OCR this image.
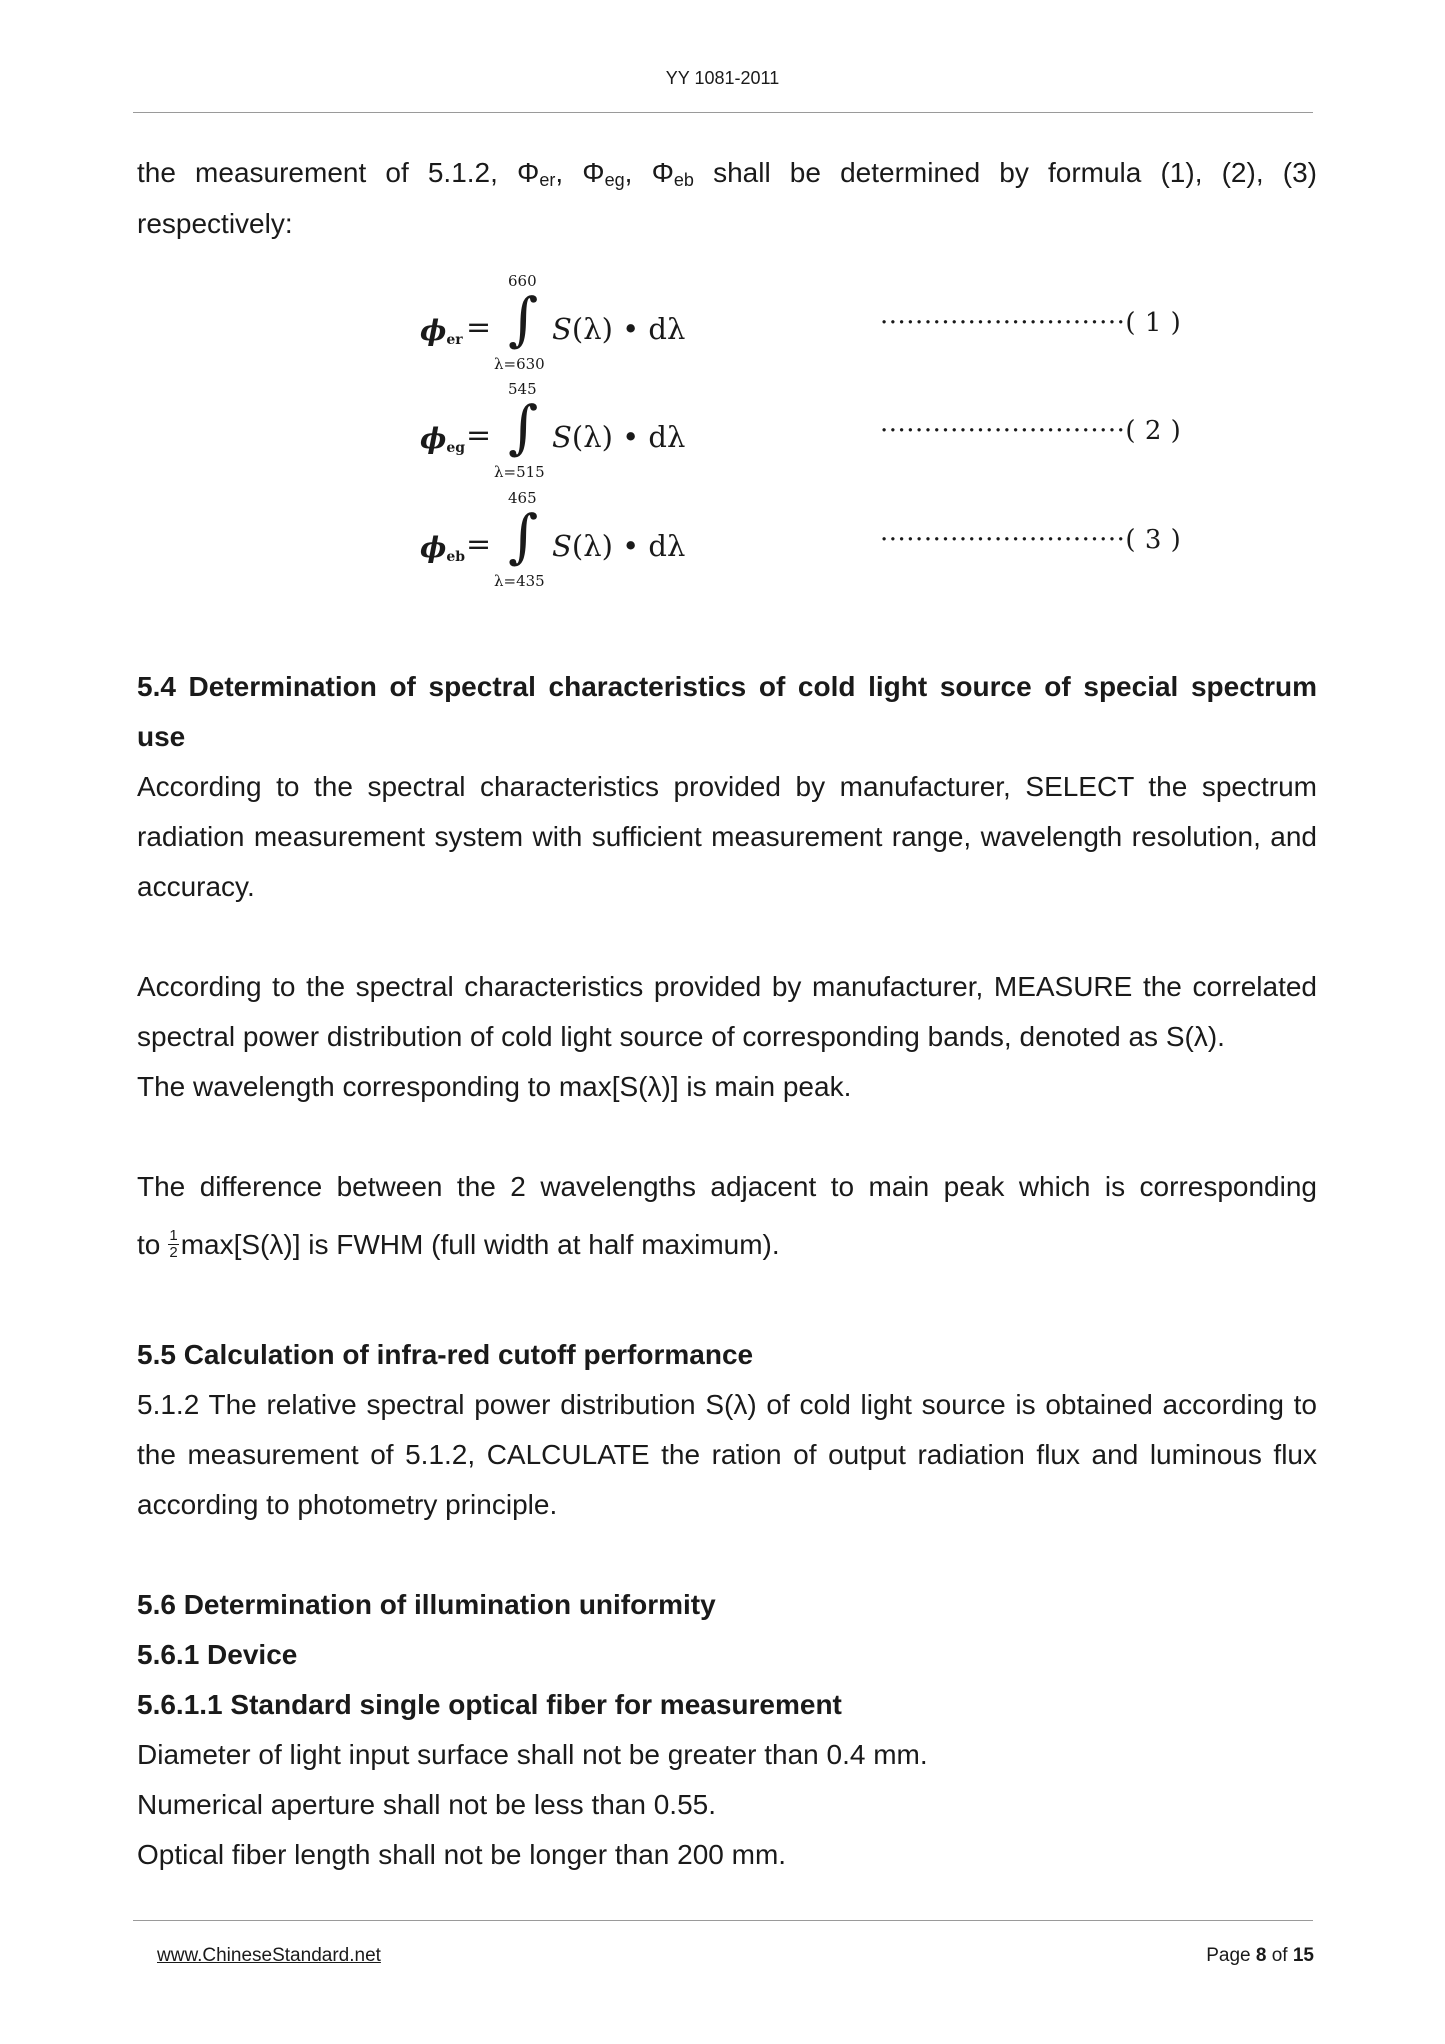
YY 1081-2011
the measurement of 5.1.2, $\Phi_{er}$, $\Phi_{eg}$, $\Phi_{eb}$ shall be determined by formula (1), (2), (3)
respectively:
$\phi_{er}$ =
660
∫
λ=630
S(λ) • dλ	····························( 1 )
$\phi_{eg}$ =
545
∫
λ=515
S(λ) • dλ	····························( 2 )
$\phi_{eb}$ =
465
∫
λ=435
S(λ) • dλ	····························( 3 )
5.4 Determination of spectral characteristics of cold light source of special spectrum
use
According to the spectral characteristics provided by manufacturer, SELECT the spectrum radiation measurement system with sufficient measurement range, wavelength resolution, and accuracy.
According to the spectral characteristics provided by manufacturer, MEASURE the correlated
spectral power distribution of cold light source of corresponding bands, denoted as S(λ).
The wavelength corresponding to max[S(λ)] is main peak.
The difference between the 2 wavelengths adjacent to main peak which is corresponding
to $\frac{1}{2} \max[S(\lambda)]$ is FWHM (full width at half maximum).
5.5 Calculation of infra-red cutoff performance
5.1.2 The relative spectral power distribution S(λ) of cold light source is obtained according to the measurement of 5.1.2, CALCULATE the ration of output radiation flux and luminous flux according to photometry principle.
5.6 Determination of illumination uniformity
5.6.1 Device
5.6.1.1 Standard single optical fiber for measurement
Diameter of light input surface shall not be greater than 0.4 mm.
Numerical aperture shall not be less than 0.55.
Optical fiber length shall not be longer than 200 mm.
www.ChineseStandard.net	Page 8 of 15
